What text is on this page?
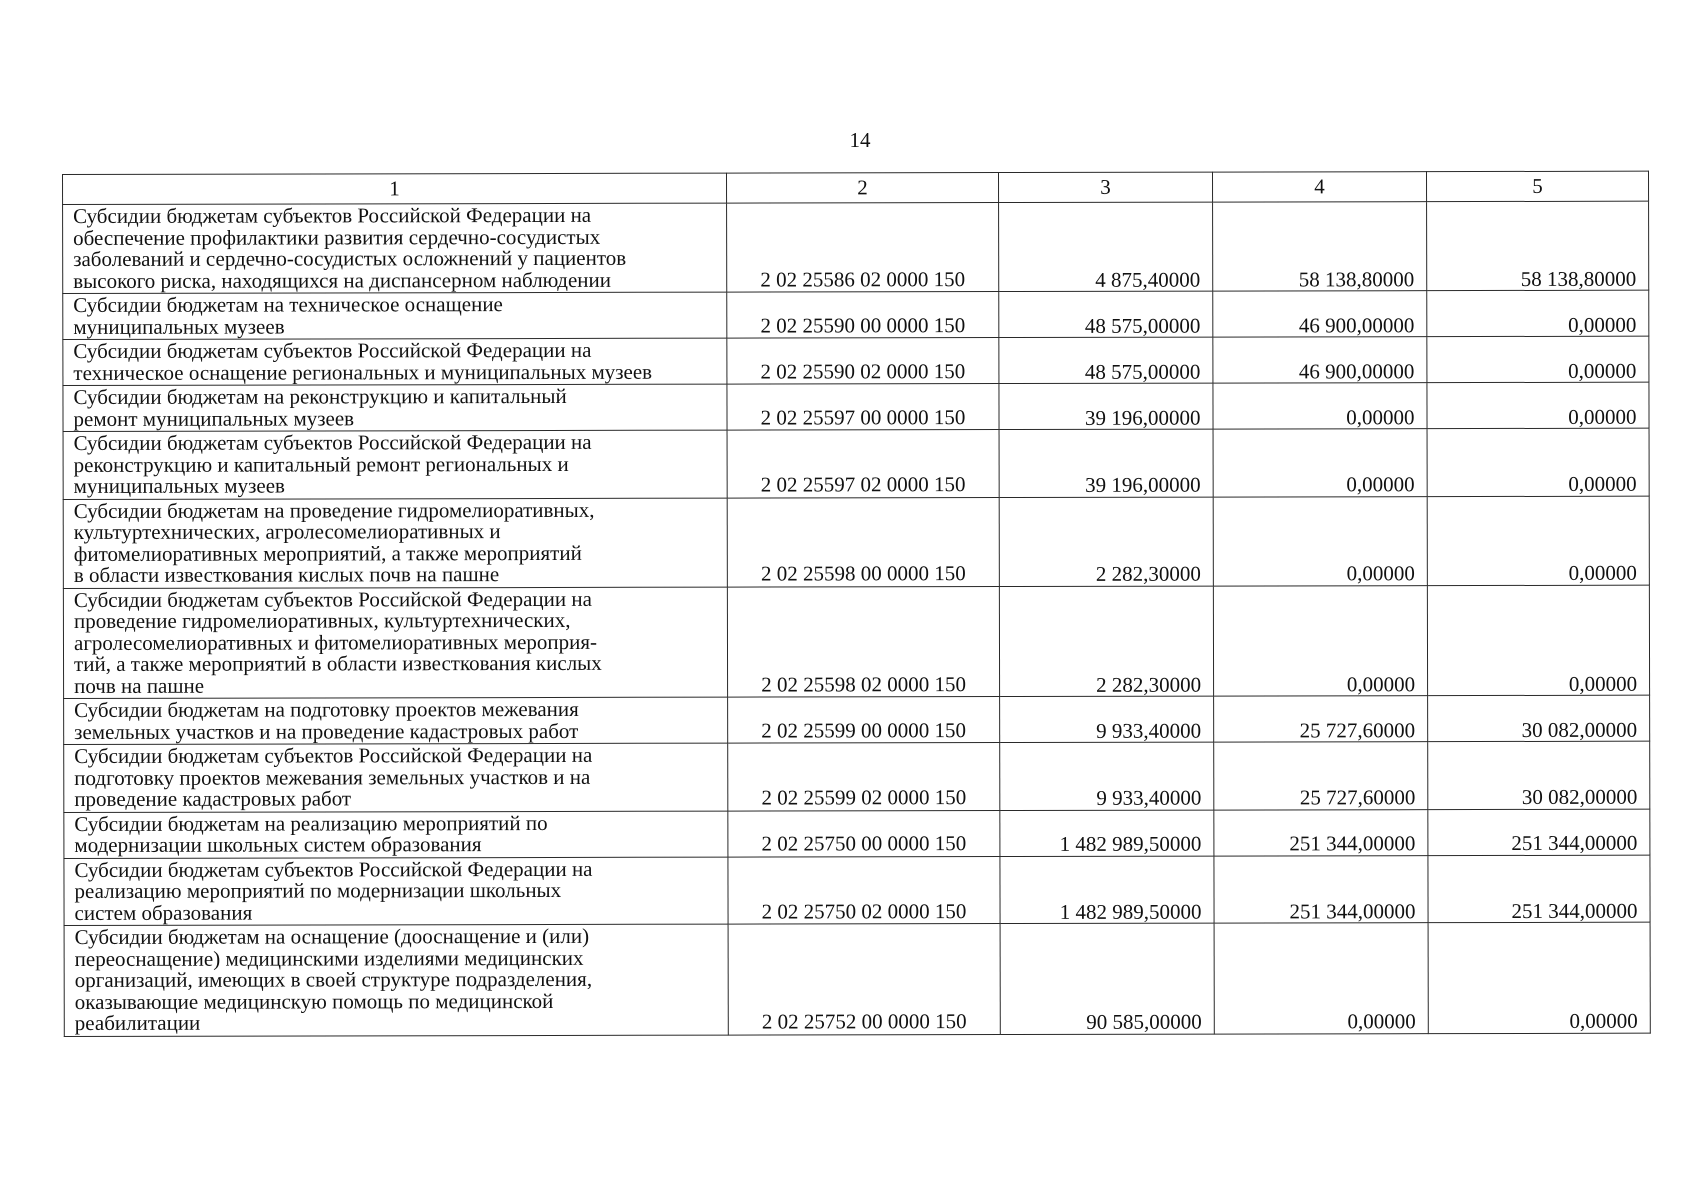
14
1	2	3	4	5

Субсидии бюджетам субъектов Российской Федерации на
обеспечение профилактики развития сердечно-сосудистых
заболеваний и сердечно-сосудистых осложнений у пациентов
высокого риска, находящихся на диспансерном наблюдении	2 02 25586 02 0000 150	4 875,40000	58 138,80000	58 138,80000

Субсидии бюджетам на техническое оснащение
муниципальных музеев	2 02 25590 00 0000 150	48 575,00000	46 900,00000	0,00000

Субсидии бюджетам субъектов Российской Федерации на
техническое оснащение региональных и муниципальных музеев	2 02 25590 02 0000 150	48 575,00000	46 900,00000	0,00000

Субсидии бюджетам на реконструкцию и капитальный
ремонт муниципальных музеев	2 02 25597 00 0000 150	39 196,00000	0,00000	0,00000

Субсидии бюджетам субъектов Российской Федерации на
реконструкцию и капитальный ремонт региональных и
муниципальных музеев	2 02 25597 02 0000 150	39 196,00000	0,00000	0,00000

Субсидии бюджетам на проведение гидромелиоративных,
культуртехнических, агролесомелиоративных и
фитомелиоративных мероприятий, а также мероприятий
в области известкования кислых почв на пашне	2 02 25598 00 0000 150	2 282,30000	0,00000	0,00000

Субсидии бюджетам субъектов Российской Федерации на
проведение гидромелиоративных, культуртехнических,
агролесомелиоративных и фитомелиоративных мероприя-
тий, а также мероприятий в области известкования кислых
почв на пашне	2 02 25598 02 0000 150	2 282,30000	0,00000	0,00000

Субсидии бюджетам на подготовку проектов межевания
земельных участков и на проведение кадастровых работ	2 02 25599 00 0000 150	9 933,40000	25 727,60000	30 082,00000

Субсидии бюджетам субъектов Российской Федерации на
подготовку проектов межевания земельных участков и на
проведение кадастровых работ	2 02 25599 02 0000 150	9 933,40000	25 727,60000	30 082,00000

Субсидии бюджетам на реализацию мероприятий по
модернизации школьных систем образования	2 02 25750 00 0000 150	1 482 989,50000	251 344,00000	251 344,00000

Субсидии бюджетам субъектов Российской Федерации на
реализацию мероприятий по модернизации школьных
систем образования	2 02 25750 02 0000 150	1 482 989,50000	251 344,00000	251 344,00000

Субсидии бюджетам на оснащение (дооснащение и (или)
переоснащение) медицинскими изделиями медицинских
организаций, имеющих в своей структуре подразделения,
оказывающие медицинскую помощь по медицинской
реабилитации	2 02 25752 00 0000 150	90 585,00000	0,00000	0,00000
